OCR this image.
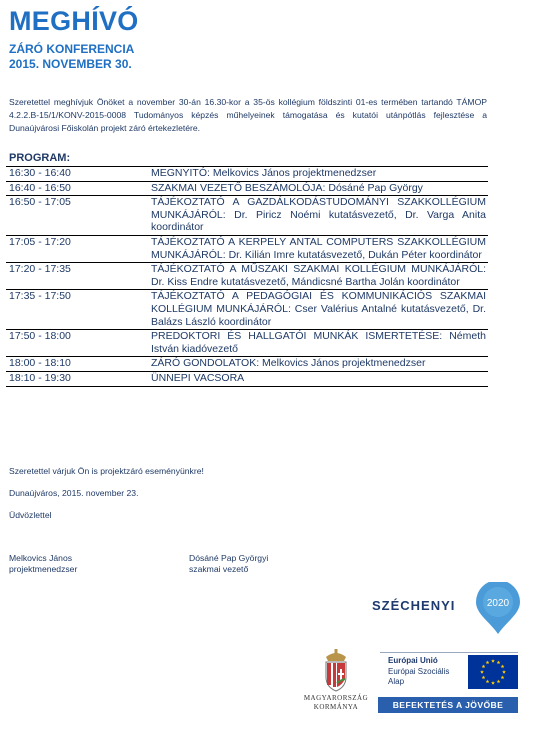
MEGHÍVÓ
ZÁRÓ KONFERENCIA
2015. NOVEMBER 30.
Szeretettel meghívjuk Önöket a november 30-án 16.30-kor a 35-ös kollégium földszinti 01-es termében tartandó TÁMOP 4.2.2.B-15/1/KONV-2015-0008 Tudományos képzés műhelyeinek támogatása és kutatói utánpótlás fejlesztése a Dunaújvárosi Főiskolán projekt záró értekezletére.
PROGRAM:
16:30 - 16:40	MEGNYITÓ: Melkovics János projektmenedzser
16:40 - 16:50	SZAKMAI VEZETŐ BESZÁMOLÓJA: Dósáné Pap György
16:50 - 17:05	TÁJÉKOZTATÓ A GAZDÁLKODÁSTUDOMÁNYI SZAKKOLLÉGIUM MUNKÁJÁRÓL: Dr. Piricz Noémi kutatásvezető, Dr. Varga Anita koordinátor
17:05 - 17:20	TÁJÉKOZTATÓ A KERPELY ANTAL COMPUTERS SZAKKOLLÉGIUM MUNKÁJÁRÓL: Dr. Kilián Imre kutatásvezető, Dukán Péter koordinátor
17:20 - 17:35	TÁJÉKOZTATÓ A MŰSZAKI SZAKMAI KOLLÉGIUM MUNKÁJÁRÓL: Dr. Kiss Endre kutatásvezető, Mándicsné Bartha Jolán koordinátor
17:35 - 17:50	TÁJÉKOZTATÓ A PEDAGÓGIAI ÉS KOMMUNIKÁCIÓS SZAKMAI KOLLÉGIUM MUNKÁJÁRÓL: Cser Valérius Antalné kutatásvezető, Dr. Balázs László koordinátor
17:50 - 18:00	PREDOKTORI ÉS HALLGATÓI MUNKÁK ISMERTETÉSE: Németh István kiadóvezető
18:00 - 18:10	ZÁRÓ GONDOLATOK: Melkovics János projektmenedzser
18:10 - 19:30	ÜNNEPI VACSORA
Szeretettel várjuk Ön is projektzáró eseményünkre!
Dunaújváros, 2015. november 23.
Üdvözlettel
Melkovics János
projektmenedzser
Dósáné Pap Györgyi
szakmai vezető
SZÉCHENYI	2020
MAGYARORSZÁG
KORMÁNYA
Európai Unió
Európai Szociális
Alap
BEFEKTETÉS A JÖVŐBE
